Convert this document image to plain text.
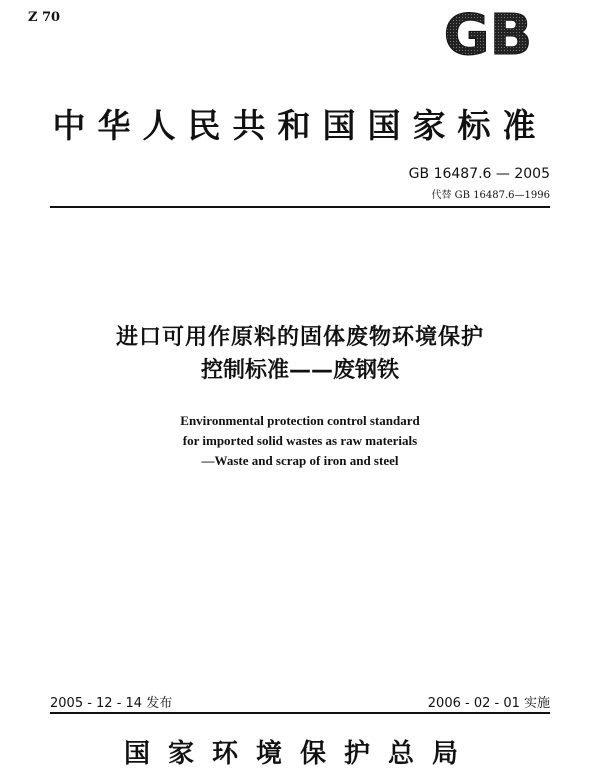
Z 70	GB
中华人民共和国国家标准
GB 16487.6 — 2005
代替 GB 16487.6—1996
进口可用作原料的固体废物环境保护
控制标准——废钢铁
Environmental protection control standard
for imported solid wastes as raw materials
—Waste and scrap of iron and steel
2005 - 12 - 14 发布	2006 - 02 - 01 实施
国家环境保护总局
